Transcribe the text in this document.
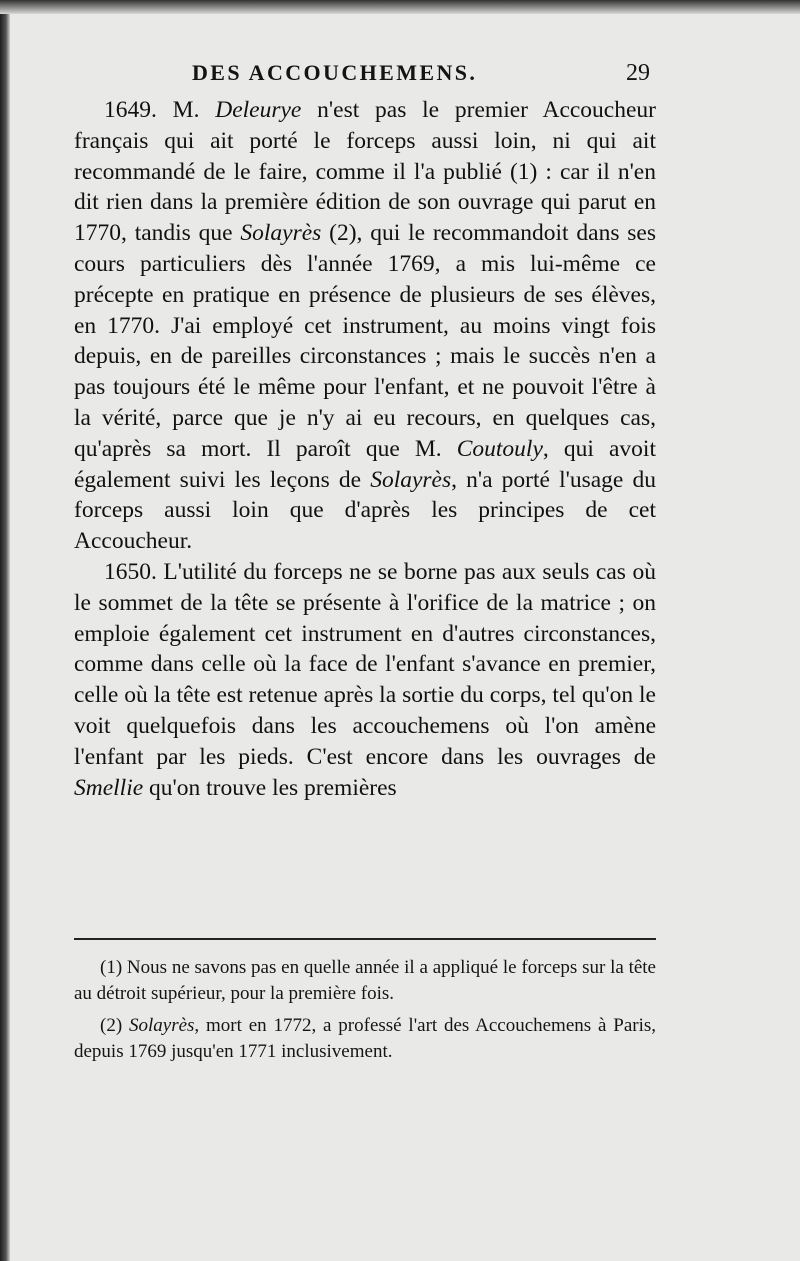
DES ACCOUCHEMENS.	29

1649. M. Deleurye n'est pas le premier Accoucheur français qui ait porté le forceps aussi loin, ni qui ait recommandé de le faire, comme il l'a publié (1) : car il n'en dit rien dans la première édition de son ouvrage qui parut en 1770, tandis que Solayrès (2), qui le recommandoit dans ses cours particuliers dès l'année 1769, a mis lui-même ce précepte en pratique en présence de plusieurs de ses élèves, en 1770. J'ai employé cet instrument, au moins vingt fois depuis, en de pareilles circonstances ; mais le succès n'en a pas toujours été le même pour l'enfant, et ne pouvoit l'être à la vérité, parce que je n'y ai eu recours, en quelques cas, qu'après sa mort. Il paroît que M. Coutouly, qui avoit également suivi les leçons de Solayrès, n'a porté l'usage du forceps aussi loin que d'après les principes de cet Accoucheur.

1650. L'utilité du forceps ne se borne pas aux seuls cas où le sommet de la tête se présente à l'orifice de la matrice ; on emploie également cet instrument en d'autres circonstances, comme dans celle où la face de l'enfant s'avance en premier, celle où la tête est retenue après la sortie du corps, tel qu'on le voit quelquefois dans les accouchemens où l'on amène l'enfant par les pieds. C'est encore dans les ouvrages de Smellie qu'on trouve les premières

(1) Nous ne savons pas en quelle année il a appliqué le forceps sur la tête au détroit supérieur, pour la première fois.

(2) Solayrès, mort en 1772, a professé l'art des Accouchemens à Paris, depuis 1769 jusqu'en 1771 inclusivement.
